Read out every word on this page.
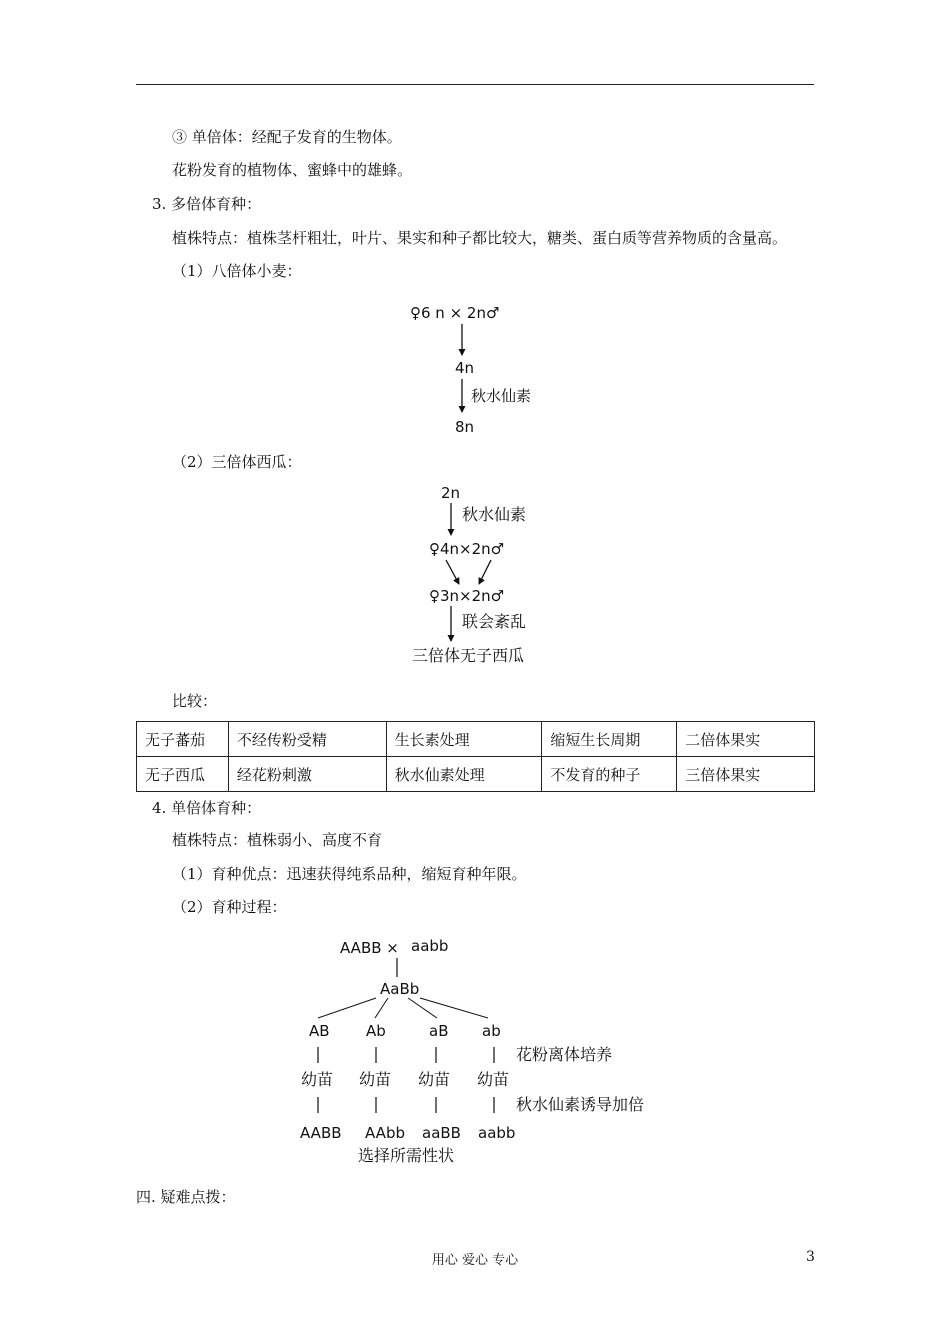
③ 单倍体：经配子发育的生物体。
花粉发育的植物体、蜜蜂中的雄蜂。
3. 多倍体育种：
植株特点：植株茎杆粗壮，叶片、果实和种子都比较大，糖类、蛋白质等营养物质的含量高。
（1）八倍体小麦：
♀6 n × 2n♂
4n
秋水仙素
8n
（2）三倍体西瓜：
2n
秋水仙素
♀4n×2n♂
♀3n×2n♂
联会紊乱
三倍体无子西瓜
比较：
无子蕃茄	不经传粉受精	生长素处理	缩短生长周期	二倍体果实
无子西瓜	经花粉刺激	秋水仙素处理	不发育的种子	三倍体果实
4. 单倍体育种：
植株特点：植株弱小、高度不育
（1）育种优点：迅速获得纯系品种，缩短育种年限。
（2）育种过程：
AABB × aabb
AaBb
AB Ab	aB ab
幼苗 幼苗 幼苗 幼苗
花粉离体培养
秋水仙素诱导加倍
AABB AAbb aaBB aabb
选择所需性状
四. 疑难点拨：
用心 爱心 专心	3
